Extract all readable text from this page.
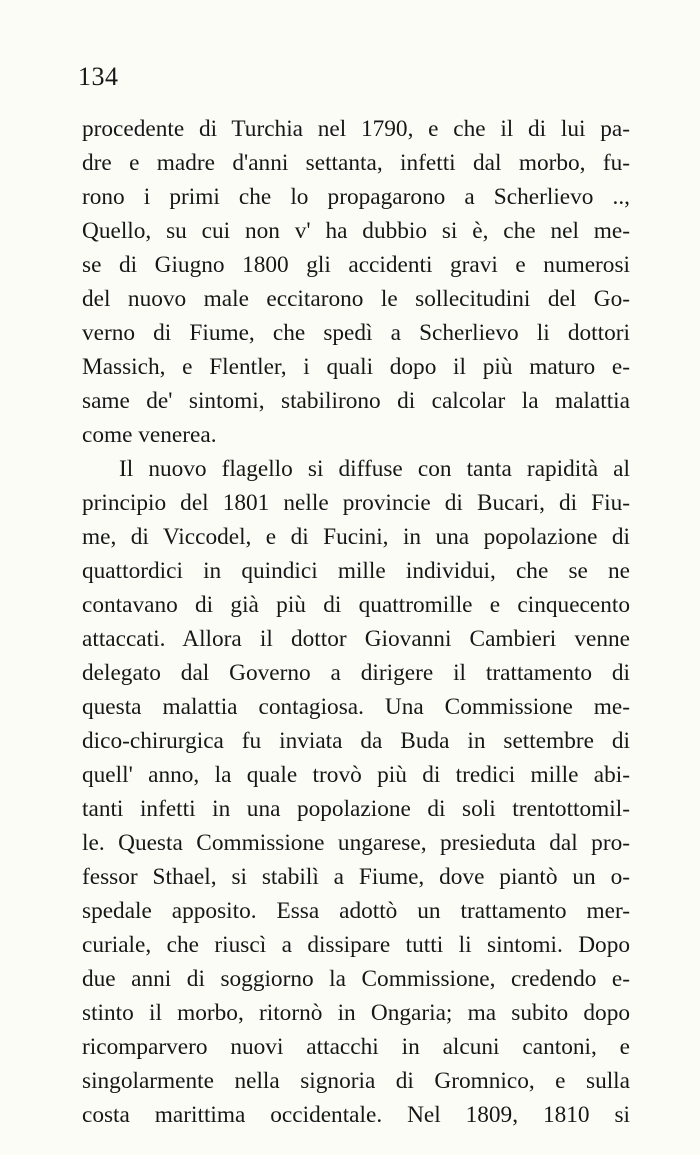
134
procedente di Turchia nel 1790, e che il di lui pa-
dre e madre d'anni settanta, infetti dal morbo, fu-
rono i primi che lo propagarono a Scherlievo ..,
Quello, su cui non v' ha dubbio si è, che nel me-
se di Giugno 1800 gli accidenti gravi e numerosi
del nuovo male eccitarono le sollecitudini del Go-
verno di Fiume, che spedì a Scherlievo li dottori
Massich, e Flentler, i quali dopo il più maturo e-
same de' sintomi, stabilirono di calcolar la malattia
come venerea.
Il nuovo flagello si diffuse con tanta rapidità al
principio del 1801 nelle provincie di Bucari, di Fiu-
me, di Viccodel, e di Fucini, in una popolazione di
quattordici in quindici mille individui, che se ne
contavano di già più di quattromille e cinquecento
attaccati. Allora il dottor Giovanni Cambieri venne
delegato dal Governo a dirigere il trattamento di
questa malattia contagiosa. Una Commissione me-
dico-chirurgica fu inviata da Buda in settembre di
quell' anno, la quale trovò più di tredici mille abi-
tanti infetti in una popolazione di soli trentottomil-
le. Questa Commissione ungarese, presieduta dal pro-
fessor Sthael, si stabilì a Fiume, dove piantò un o-
spedale apposito. Essa adottò un trattamento mer-
curiale, che riuscì a dissipare tutti li sintomi. Dopo
due anni di soggiorno la Commissione, credendo e-
stinto il morbo, ritornò in Ongaria; ma subito dopo
ricomparvero nuovi attacchi in alcuni cantoni, e
singolarmente nella signoria di Gromnico, e sulla
costa marittima occidentale. Nel 1809, 1810 si
